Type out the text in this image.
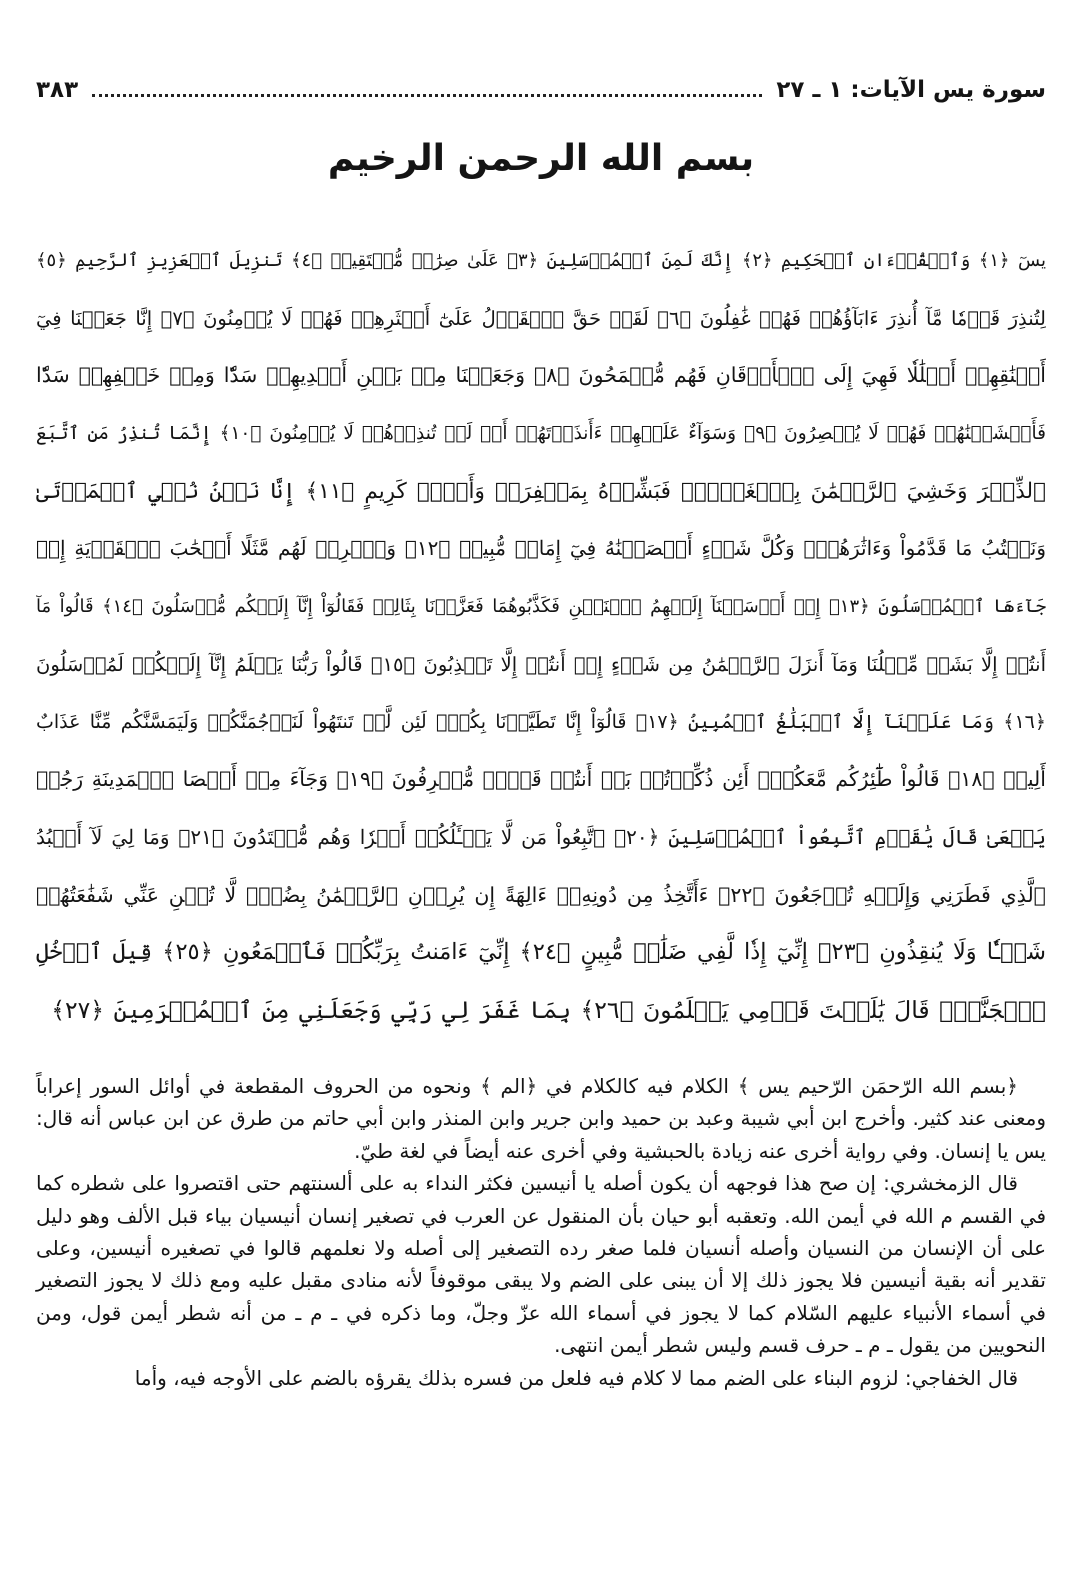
سورة يس الآيات: ١ ـ ٢٧
٣٨٣
بسم الله الرحمن الرخيم
يسٓ ﴿١﴾ وَٱلۡقُرۡءَانِ ٱلۡحَكِيمِ ﴿٢﴾ إِنَّكَ لَمِنَ ٱلۡمُرۡسَلِينَ ﴿٣﴾ عَلَىٰ صِرَٰطٖ مُّسۡتَقِيمٖ ﴿٤﴾ تَنزِيلَ ٱلۡعَزِيزِ ٱلرَّحِيمِ ﴿٥﴾
لِتُنذِرَ قَوۡمٗا مَّآ أُنذِرَ ءَابَآؤُهُمۡ فَهُمۡ غَٰفِلُونَ ﴿٦﴾ لَقَدۡ حَقَّ ٱلۡقَوۡلُ عَلَىٰٓ أَكۡثَرِهِمۡ فَهُمۡ لَا يُؤۡمِنُونَ ﴿٧﴾ إِنَّا جَعَلۡنَا فِيٓ
أَعۡنَٰقِهِمۡ أَغۡلَٰلٗا فَهِيَ إِلَى ٱلۡأَذۡقَانِ فَهُم مُّقۡمَحُونَ ﴿٨﴾ وَجَعَلۡنَا مِنۢ بَيۡنِ أَيۡدِيهِمۡ سَدّٗا وَمِنۡ خَلۡفِهِمۡ سَدّٗا
فَأَغۡشَيۡنَٰهُمۡ فَهُمۡ لَا يُبۡصِرُونَ ﴿٩﴾ وَسَوَآءٌ عَلَيۡهِمۡ ءَأَنذَرۡتَهُمۡ أَمۡ لَمۡ تُنذِرۡهُمۡ لَا يُؤۡمِنُونَ ﴿١٠﴾ إِنَّمَا تُنذِرُ مَنِ ٱتَّبَعَ
ٱلذِّكۡرَ وَخَشِيَ ٱلرَّحۡمَٰنَ بِٱلۡغَيۡبِۖ فَبَشِّرۡهُ بِمَغۡفِرَةٖ وَأَجۡرٖ كَرِيمٍ ﴿١١﴾ إِنَّا نَحۡنُ نُحۡيِ ٱلۡمَوۡتَىٰ
وَنَكۡتُبُ مَا قَدَّمُواْ وَءَاثَٰرَهُمۡۚ وَكُلَّ شَيۡءٍ أَحۡصَيۡنَٰهُ فِيٓ إِمَامٖ مُّبِينٖ ﴿١٢﴾ وَٱضۡرِبۡ لَهُم مَّثَلًا أَصۡحَٰبَ ٱلۡقَرۡيَةِ إِذۡ
جَآءَهَا ٱلۡمُرۡسَلُونَ ﴿١٣﴾ إِذۡ أَرۡسَلۡنَآ إِلَيۡهِمُ ٱثۡنَيۡنِ فَكَذَّبُوهُمَا فَعَزَّزۡنَا بِثَالِثٖ فَقَالُوٓاْ إِنَّآ إِلَيۡكُم مُّرۡسَلُونَ ﴿١٤﴾ قَالُواْ مَآ
أَنتُمۡ إِلَّا بَشَرٞ مِّثۡلُنَا وَمَآ أَنزَلَ ٱلرَّحۡمَٰنُ مِن شَيۡءٍ إِنۡ أَنتُمۡ إِلَّا تَكۡذِبُونَ ﴿١٥﴾ قَالُواْ رَبُّنَا يَعۡلَمُ إِنَّآ إِلَيۡكُمۡ لَمُرۡسَلُونَ
﴿١٦﴾ وَمَا عَلَيۡنَآ إِلَّا ٱلۡبَلَٰغُ ٱلۡمُبِينُ ﴿١٧﴾ قَالُوٓاْ إِنَّا تَطَيَّرۡنَا بِكُمۡۖ لَئِن لَّمۡ تَنتَهُواْ لَنَرۡجُمَنَّكُمۡ وَلَيَمَسَّنَّكُم مِّنَّا عَذَابٌ
أَلِيمٞ ﴿١٨﴾ قَالُواْ طَٰٓئِرُكُم مَّعَكُمۡۚ أَئِن ذُكِّرۡتُمۚ بَلۡ أَنتُمۡ قَوۡمٞ مُّسۡرِفُونَ ﴿١٩﴾ وَجَآءَ مِنۡ أَقۡصَا ٱلۡمَدِينَةِ رَجُلٞ
يَسۡعَىٰ قَالَ يَٰقَوۡمِ ٱتَّبِعُواْ ٱلۡمُرۡسَلِينَ ﴿٢٠﴾ ٱتَّبِعُواْ مَن لَّا يَسۡـَٔلُكُمۡ أَجۡرٗا وَهُم مُّهۡتَدُونَ ﴿٢١﴾ وَمَا لِيَ لَآ أَعۡبُدُ
ٱلَّذِي فَطَرَنِي وَإِلَيۡهِ تُرۡجَعُونَ ﴿٢٢﴾ ءَأَتَّخِذُ مِن دُونِهِۦٓ ءَالِهَةً إِن يُرِدۡنِ ٱلرَّحۡمَٰنُ بِضُرّٖ لَّا تُغۡنِ عَنِّي شَفَٰعَتُهُمۡ
شَيۡـٔٗا وَلَا يُنقِذُونِ ﴿٢٣﴾ إِنِّيٓ إِذٗا لَّفِي ضَلَٰلٖ مُّبِينٍ ﴿٢٤﴾ إِنِّيٓ ءَامَنتُ بِرَبِّكُمۡ فَٱسۡمَعُونِ ﴿٢٥﴾ قِيلَ ٱدۡخُلِ
ٱلۡجَنَّةَۖ قَالَ يَٰلَيۡتَ قَوۡمِي يَعۡلَمُونَ ﴿٢٦﴾ بِمَا غَفَرَ لِي رَبِّي وَجَعَلَنِي مِنَ ٱلۡمُكۡرَمِينَ ﴿٢٧﴾

﴿بسم الله الرّحمَن الرّحيم يس ﴾ الكلام فيه كالكلام في ﴿الم ﴾ ونحوه من الحروف المقطعة في أوائل السور إعراباً ومعنى عند كثير. وأخرج ابن أبي شيبة وعبد بن حميد وابن جرير وابن المنذر وابن أبي حاتم من طرق عن ابن عباس أنه قال: يس يا إنسان. وفي رواية أخرى عنه زيادة بالحبشية وفي أخرى عنه أيضاً في لغة طيّ.

قال الزمخشري: إن صح هذا فوجهه أن يكون أصله يا أنيسين فكثر النداء به على ألسنتهم حتى اقتصروا على شطره كما في القسم م الله في أيمن الله. وتعقبه أبو حيان بأن المنقول عن العرب في تصغير إنسان أنيسيان بياء قبل الألف وهو دليل على أن الإنسان من النسيان وأصله أنسيان فلما صغر رده التصغير إلى أصله ولا نعلمهم قالوا في تصغيره أنيسين، وعلى تقدير أنه بقية أنيسين فلا يجوز ذلك إلا أن يبنى على الضم ولا يبقى موقوفاً لأنه منادى مقبل عليه ومع ذلك لا يجوز التصغير في أسماء الأنبياء عليهم السّلام كما لا يجوز في أسماء الله عزّ وجلّ، وما ذكره في ـ م ـ من أنه شطر أيمن قول، ومن النحويين من يقول ـ م ـ حرف قسم وليس شطر أيمن انتهى.

قال الخفاجي: لزوم البناء على الضم مما لا كلام فيه فلعل من فسره بذلك يقرؤه بالضم على الأوجه فيه، وأما
